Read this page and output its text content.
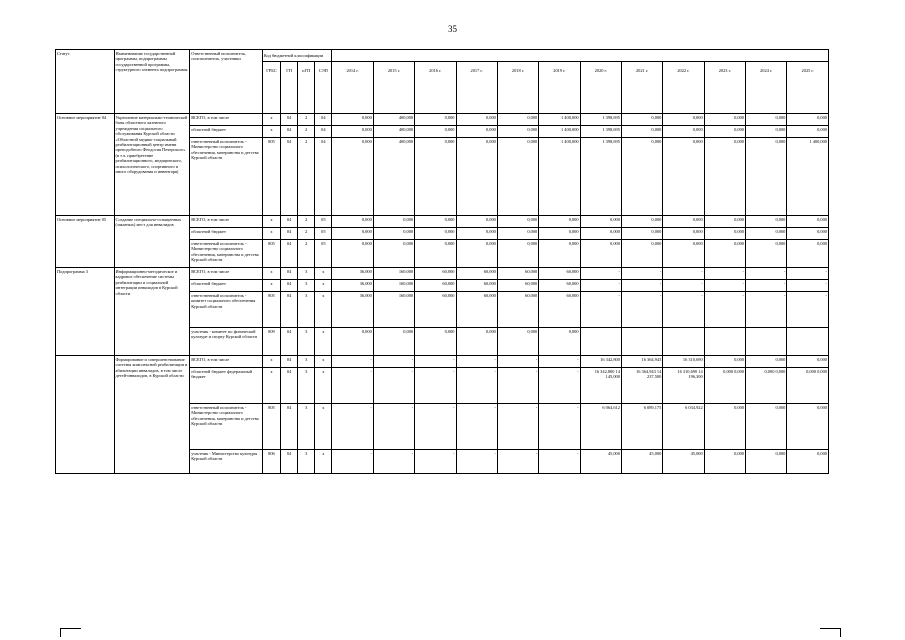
35
Статус	Наименование государственной программы, подпрограммы государственной программы, структурного элемента подпрограммы	Ответственный исполнитель, соисполнитель, участники	Код бюджетной классификации															
			ГРБС	ГП	пГП	СЭП	2014 г.	2015 г.	2016 г.	2017 г.	2018 г.	2019 г.	2020 г.	2021 г.	2022 г.	2023 г.	2024 г.	2025 г.
Основное мероприятие 04	Укрепление материально-технической базы областного казенного учреждения социального обслуживания Курской области «Областной медико-социальный реабилитационный центр имени преподобного Феодосия Печерского» (в т.ч. приобретение реабилитационного, медицинского, психологического, спортивного и иного оборудования и инвентаря)	ВСЕГО, в том числе	х	04	2	04	0,000	400,000	0,000	0,000	0,000	1 400,000	1 398,695	0,000	0,000	0,000	0,000	0,000
		областной бюджет	х	04	2	04	0,000	400,000	0,000	0,000	0,000	1 400,000	1 398,695	0,000	0,000	0,000	0,000	0,000
		ответственный исполнитель - Министерство социального обеспечения, материнства и детства Курской области	805	04	2	04	0,000	400,000	0,000	0,000	0,000	1 400,000	1 398,695	0,000	0,000	0,000	0,000	1 400,000
Основное мероприятие 05	Создание специально-оснащенных (заказных) мест для инвалидов	ВСЕГО, в том числе	х	04	2	05	0,000	0,000	0,000	0,000	0,000	0,000	0,000	0,000	0,000	0,000	0,000	0,000
		областной бюджет	х	04	2	05	0,000	0,000	0,000	0,000	0,000	0,000	0,000	0,000	0,000	0,000	0,000	0,000
		ответственный исполнитель - Министерство социального обеспечения, материнства и детства Курской области	805	04	2	05	0,000	0,000	0,000	0,000	0,000	0,000	0,000	0,000	0,000	0,000	0,000	0,000
Подпрограмма 3	Информационно-методическое и кадровое обеспечение системы реабилитации и социальной интеграции инвалидов в Курской области	ВСЕГО, в том числе	х	04	3	х	36,000	160,000	60,000	60,000	60,000	60,000	-	-	-	-	-	-
		областной бюджет	х	04	3	х	36,000	160,000	60,000	60,000	60,000	60,000	-	-	-	-	-	-
		ответственный исполнитель - комитет социального обеспечения Курской области	805	04	3	х	36,000	160,000	60,000	60,000	60,000	60,000	-	-	-	-	-	-
		участник - комитет по физической культуре и спорту Курской области	809	04	3	х	0,000	0,000	0,000	0,000	0,000	0,000						
	Формирование и совершенствование системы комплексной реабилитации и абилитации инвалидов, в том числе детей-инвалидов, в Курской области	ВСЕГО, в том числе	х	04	3	х	-	-	-	-	-	-	16 342,800	16 364,943	16 310,690	0,000	0,000	0,000
		областной бюджет федеральный бюджет	х	04	3	х	-	-	-	-	-	-	16 342,800 14 145,000	16 364,943 14 237,500	16 310,690 14 196,300	0,000 0,000	0,000 0,000	0,000 0,000
		ответственный исполнитель - Министерство социального обеспечения, материнства и детства Курской области	805	04	3	х	-	-	-	-	-	-	6 064,612	6 089,175	6 034,922	0,000	0,000	0,000
		участник - Министерство культуры Курской области	806	04	3	х	-	-	-	-	-	-	45,000	45,000	45,000	0,000	0,000	0,000
